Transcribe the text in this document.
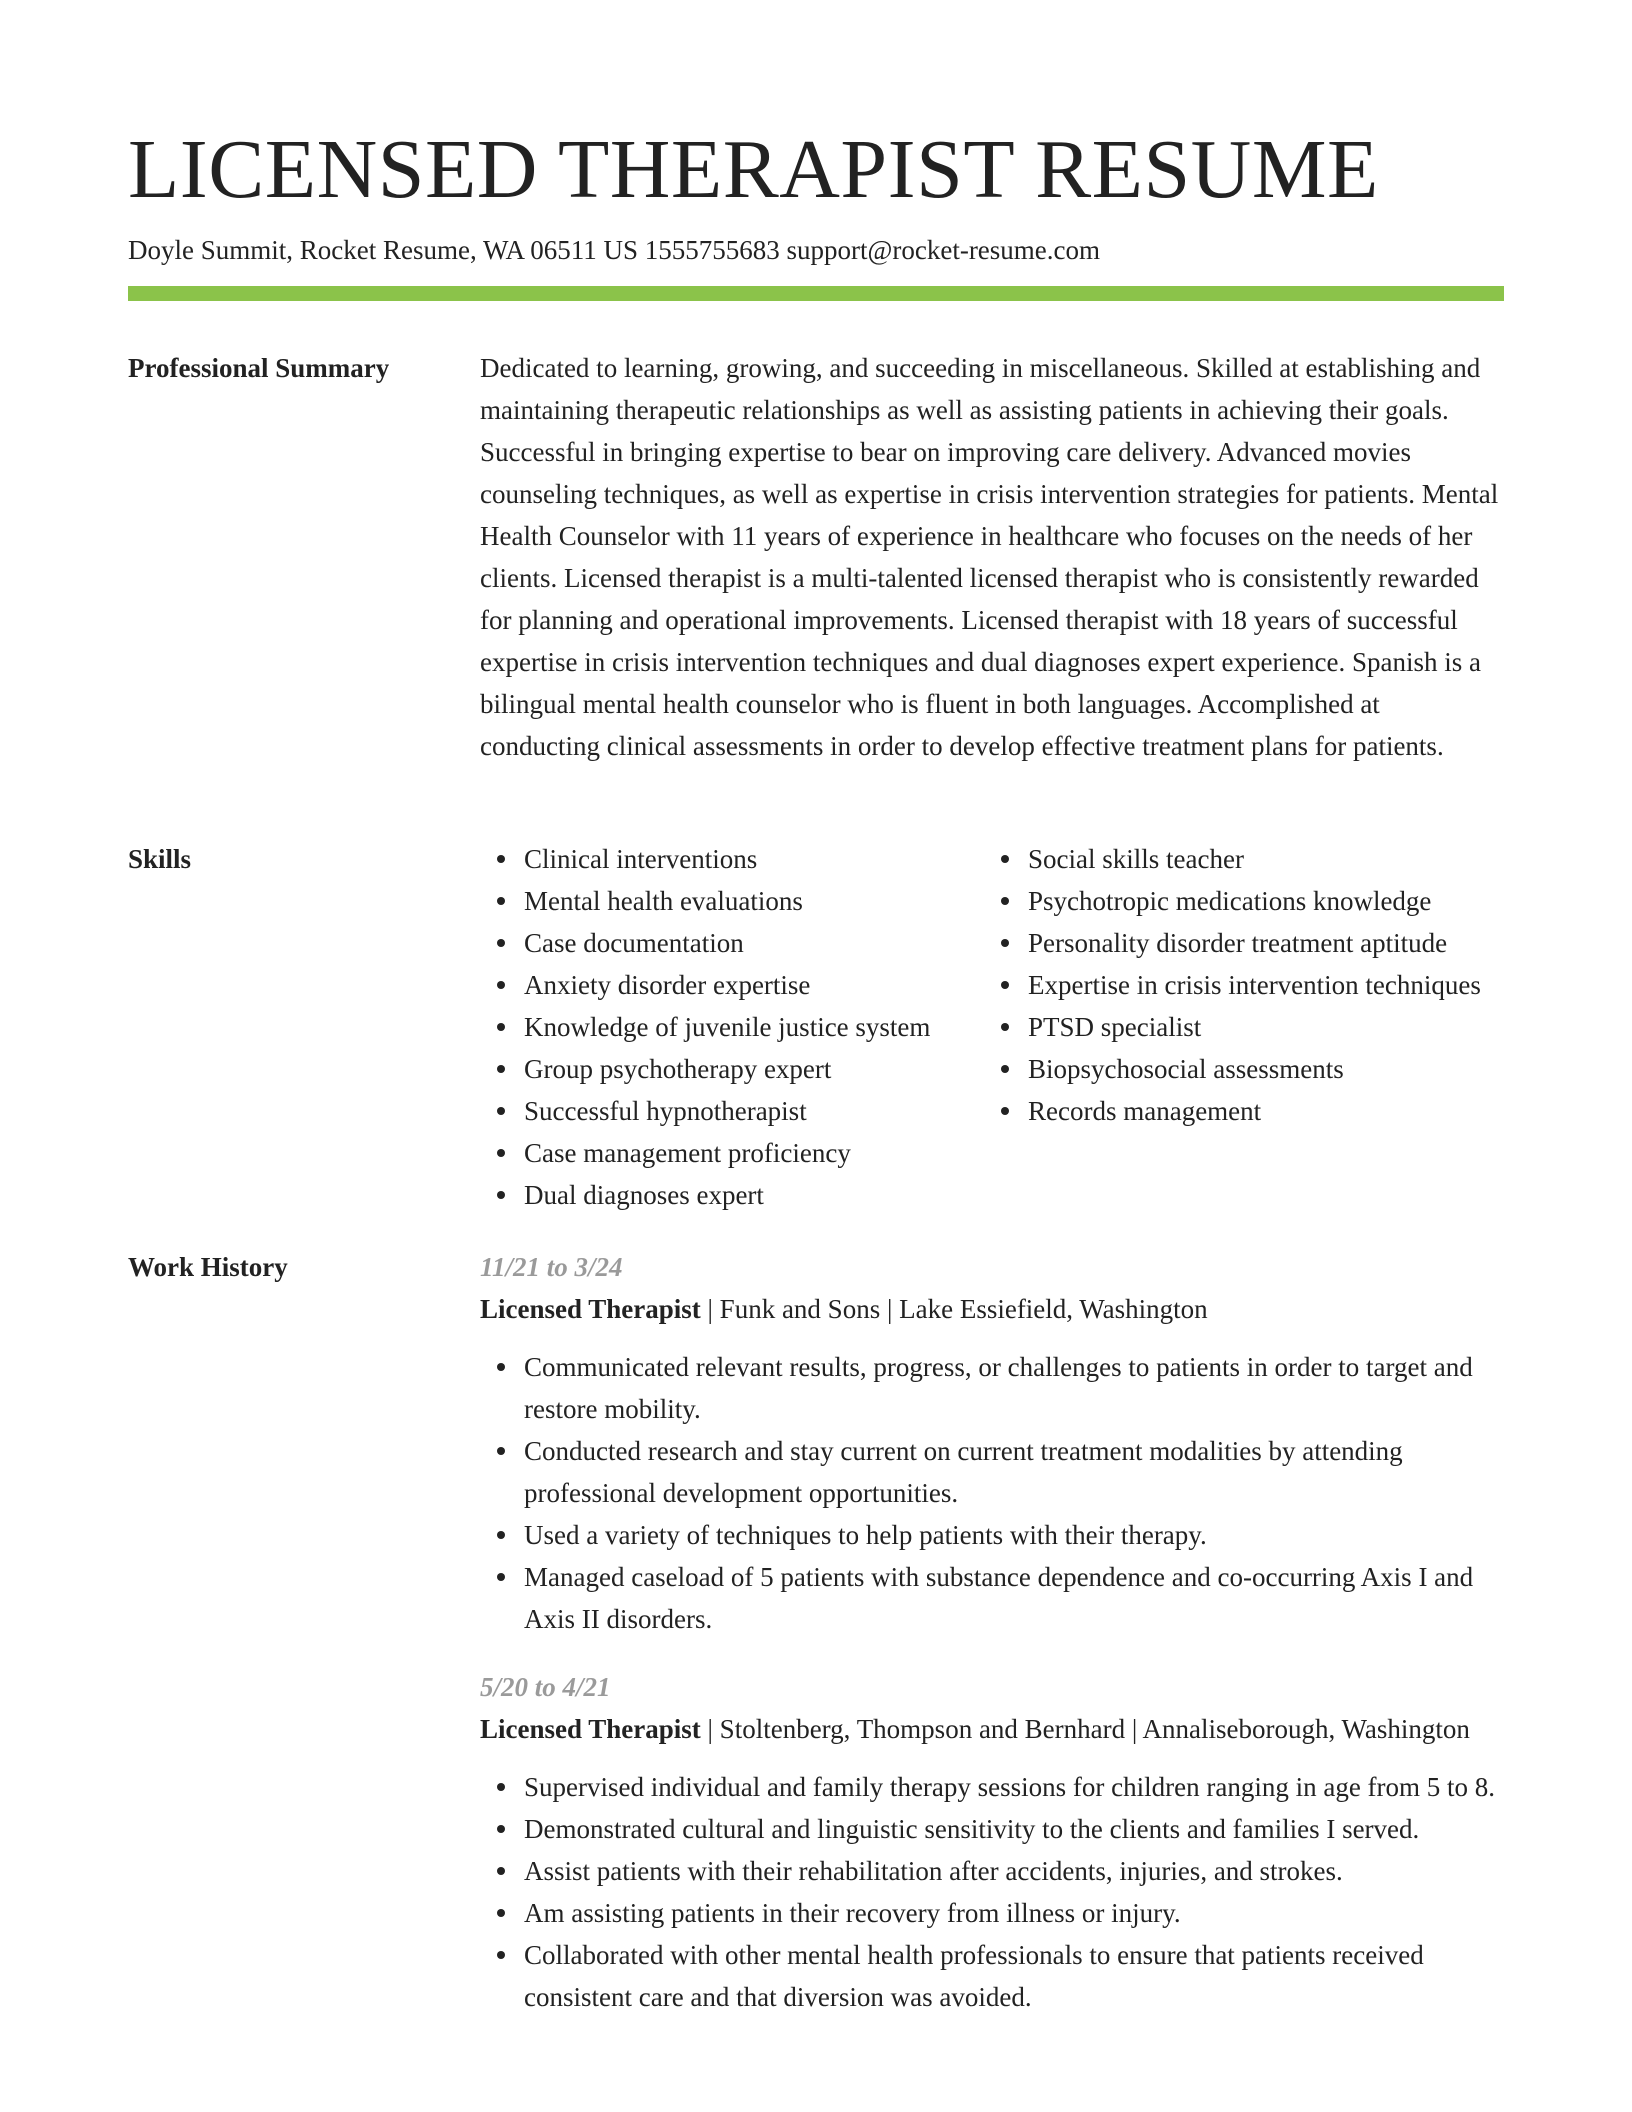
LICENSED THERAPIST RESUME
Doyle Summit, Rocket Resume, WA 06511 US 1555755683 support@rocket-resume.com
Professional Summary	Dedicated to learning, growing, and succeeding in miscellaneous. Skilled at establishing and maintaining therapeutic relationships as well as assisting patients in achieving their goals. Successful in bringing expertise to bear on improving care delivery. Advanced movies counseling techniques, as well as expertise in crisis intervention strategies for patients. Mental Health Counselor with 11 years of experience in healthcare who focuses on the needs of her clients. Licensed therapist is a multi-talented licensed therapist who is consistently rewarded for planning and operational improvements. Licensed therapist with 18 years of successful expertise in crisis intervention techniques and dual diagnoses expert experience. Spanish is a bilingual mental health counselor who is fluent in both languages. Accomplished at conducting clinical assessments in order to develop effective treatment plans for patients.

Skills	Clinical interventions
Mental health evaluations
Case documentation
Anxiety disorder expertise
Knowledge of juvenile justice system
Group psychotherapy expert
Successful hypnotherapist
Case management proficiency
Dual diagnoses expert
Social skills teacher
Psychotropic medications knowledge
Personality disorder treatment aptitude
Expertise in crisis intervention techniques
PTSD specialist
Biopsychosocial assessments
Records management
Work History	11/21 to 3/24

Licensed Therapist | Funk and Sons | Lake Essiefield, Washington

Communicated relevant results, progress, or challenges to patients in order to target and restore mobility.
Conducted research and stay current on current treatment modalities by attending professional development opportunities.
Used a variety of techniques to help patients with their therapy.
Managed caseload of 5 patients with substance dependence and co-occurring Axis I and Axis II disorders.

5/20 to 4/21

Licensed Therapist | Stoltenberg, Thompson and Bernhard | Annaliseborough, Washington

Supervised individual and family therapy sessions for children ranging in age from 5 to 8.
Demonstrated cultural and linguistic sensitivity to the clients and families I served.
Assist patients with their rehabilitation after accidents, injuries, and strokes.
Am assisting patients in their recovery from illness or injury.
Collaborated with other mental health professionals to ensure that patients received consistent care and that diversion was avoided.
